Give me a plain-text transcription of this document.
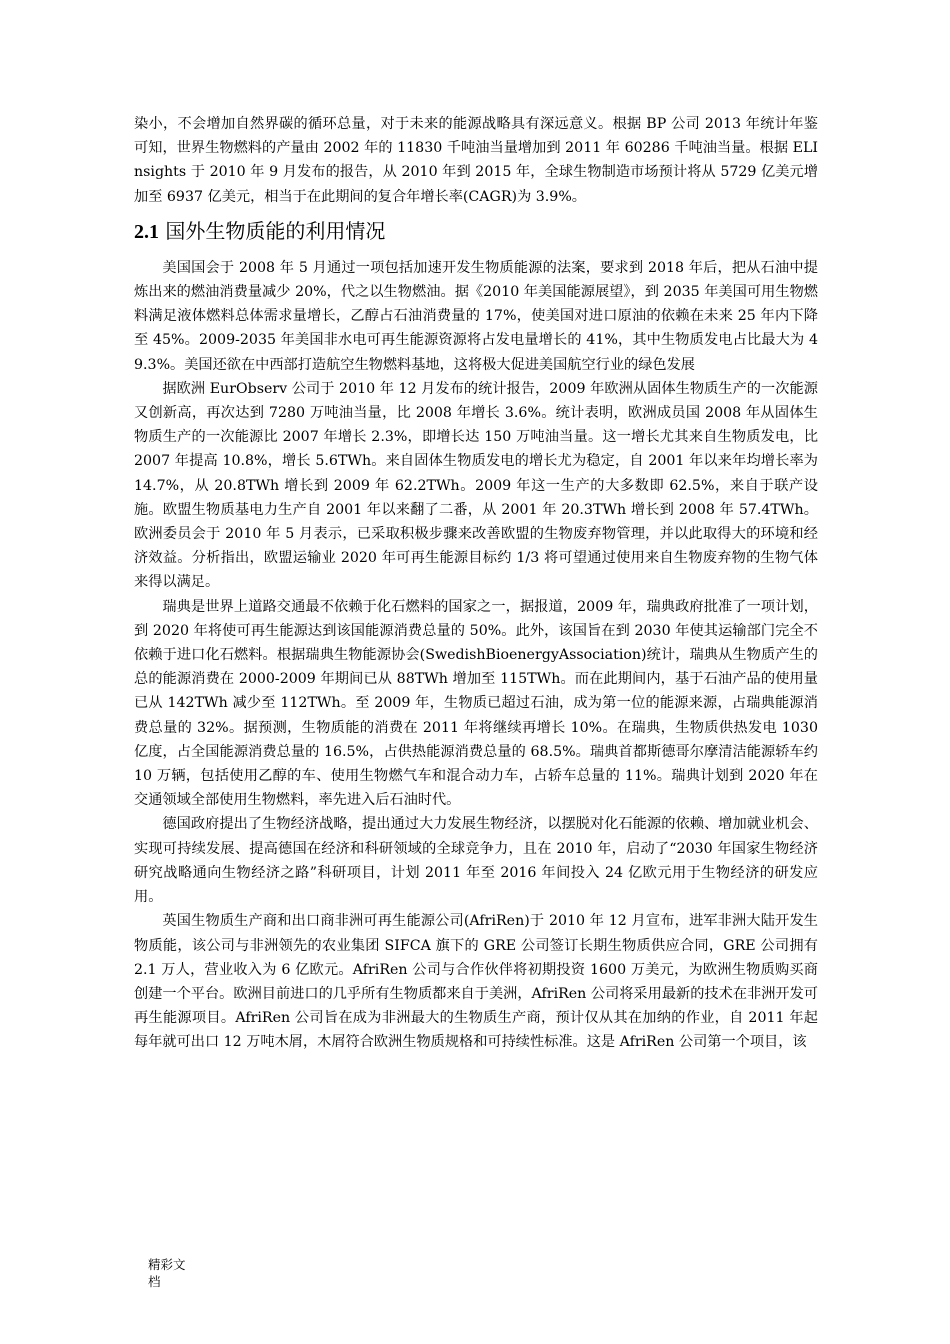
染小，不会增加自然界碳的循环总量，对于未来的能源战略具有深远意义。根据 BP 公司 2013 年统计年鉴可知，世界生物燃料的产量由 2002 年的 11830 千吨油当量增加到 2011 年 60286 千吨油当量。根据 ELInsights 于 2010 年 9 月发布的报告，从 2010 年到 2015 年，全球生物制造市场预计将从 5729 亿美元增加至 6937 亿美元，相当于在此期间的复合年增长率(CAGR)为 3.9%。

2.1 国外生物质能的利用情况

美国国会于 2008 年 5 月通过一项包括加速开发生物质能源的法案，要求到 2018 年后，把从石油中提炼出来的燃油消费量减少 20%，代之以生物燃油。据《2010 年美国能源展望》，到 2035 年美国可用生物燃料满足液体燃料总体需求量增长，乙醇占石油消费量的 17%，使美国对进口原油的依赖在未来 25 年内下降至 45%。2009-2035 年美国非水电可再生能源资源将占发电量增长的 41%，其中生物质发电占比最大为 49.3%。美国还欲在中西部打造航空生物燃料基地，这将极大促进美国航空行业的绿色发展

据欧洲 EurObserv 公司于 2010 年 12 月发布的统计报告，2009 年欧洲从固体生物质生产的一次能源又创新高，再次达到 7280 万吨油当量，比 2008 年增长 3.6%。统计表明，欧洲成员国 2008 年从固体生物质生产的一次能源比 2007 年增长 2.3%，即增长达 150 万吨油当量。这一增长尤其来自生物质发电，比 2007 年提高 10.8%，增长 5.6TWh。来自固体生物质发电的增长尤为稳定，自 2001 年以来年均增长率为 14.7%，从 20.8TWh 增长到 2009 年 62.2TWh。2009 年这一生产的大多数即 62.5%，来自于联产设施。欧盟生物质基电力生产自 2001 年以来翻了二番，从 2001 年 20.3TWh 增长到 2008 年 57.4TWh。欧洲委员会于 2010 年 5 月表示，已采取积极步骤来改善欧盟的生物废弃物管理，并以此取得大的环境和经济效益。分析指出，欧盟运输业 2020 年可再生能源目标约 1/3 将可望通过使用来自生物废弃物的生物气体来得以满足。

瑞典是世界上道路交通最不依赖于化石燃料的国家之一，据报道，2009 年，瑞典政府批准了一项计划，到 2020 年将使可再生能源达到该国能源消费总量的 50%。此外，该国旨在到 2030 年使其运输部门完全不依赖于进口化石燃料。根据瑞典生物能源协会(SwedishBioenergyAssociation)统计，瑞典从生物质产生的总的能源消费在 2000-2009 年期间已从 88TWh 增加至 115TWh。而在此期间内，基于石油产品的使用量已从 142TWh 减少至 112TWh。至 2009 年，生物质已超过石油，成为第一位的能源来源，占瑞典能源消费总量的 32%。据预测，生物质能的消费在 2011 年将继续再增长 10%。在瑞典，生物质供热发电 1030 亿度，占全国能源消费总量的 16.5%，占供热能源消费总量的 68.5%。瑞典首都斯德哥尔摩清洁能源轿车约 10 万辆，包括使用乙醇的车、使用生物燃气车和混合动力车，占轿车总量的 11%。瑞典计划到 2020 年在交通领域全部使用生物燃料，率先进入后石油时代。

德国政府提出了生物经济战略，提出通过大力发展生物经济，以摆脱对化石能源的依赖、增加就业机会、实现可持续发展、提高德国在经济和科研领域的全球竞争力，且在 2010 年，启动了“2030 年国家生物经济研究战略通向生物经济之路”科研项目，计划 2011 年至 2016 年间投入 24 亿欧元用于生物经济的研发应用。

英国生物质生产商和出口商非洲可再生能源公司(AfriRen)于 2010 年 12 月宣布，进军非洲大陆开发生物质能，该公司与非洲领先的农业集团 SIFCA 旗下的 GRE 公司签订长期生物质供应合同，GRE 公司拥有 2.1 万人，营业收入为 6 亿欧元。AfriRen 公司与合作伙伴将初期投资 1600 万美元，为欧洲生物质购买商创建一个平台。欧洲目前进口的几乎所有生物质都来自于美洲，AfriRen 公司将采用最新的技术在非洲开发可再生能源项目。AfriRen 公司旨在成为非洲最大的生物质生产商，预计仅从其在加纳的作业，自 2011 年起每年就可出口 12 万吨木屑，木屑符合欧洲生物质规格和可持续性标准。这是 AfriRen 公司第一个项目，该

精彩文档
